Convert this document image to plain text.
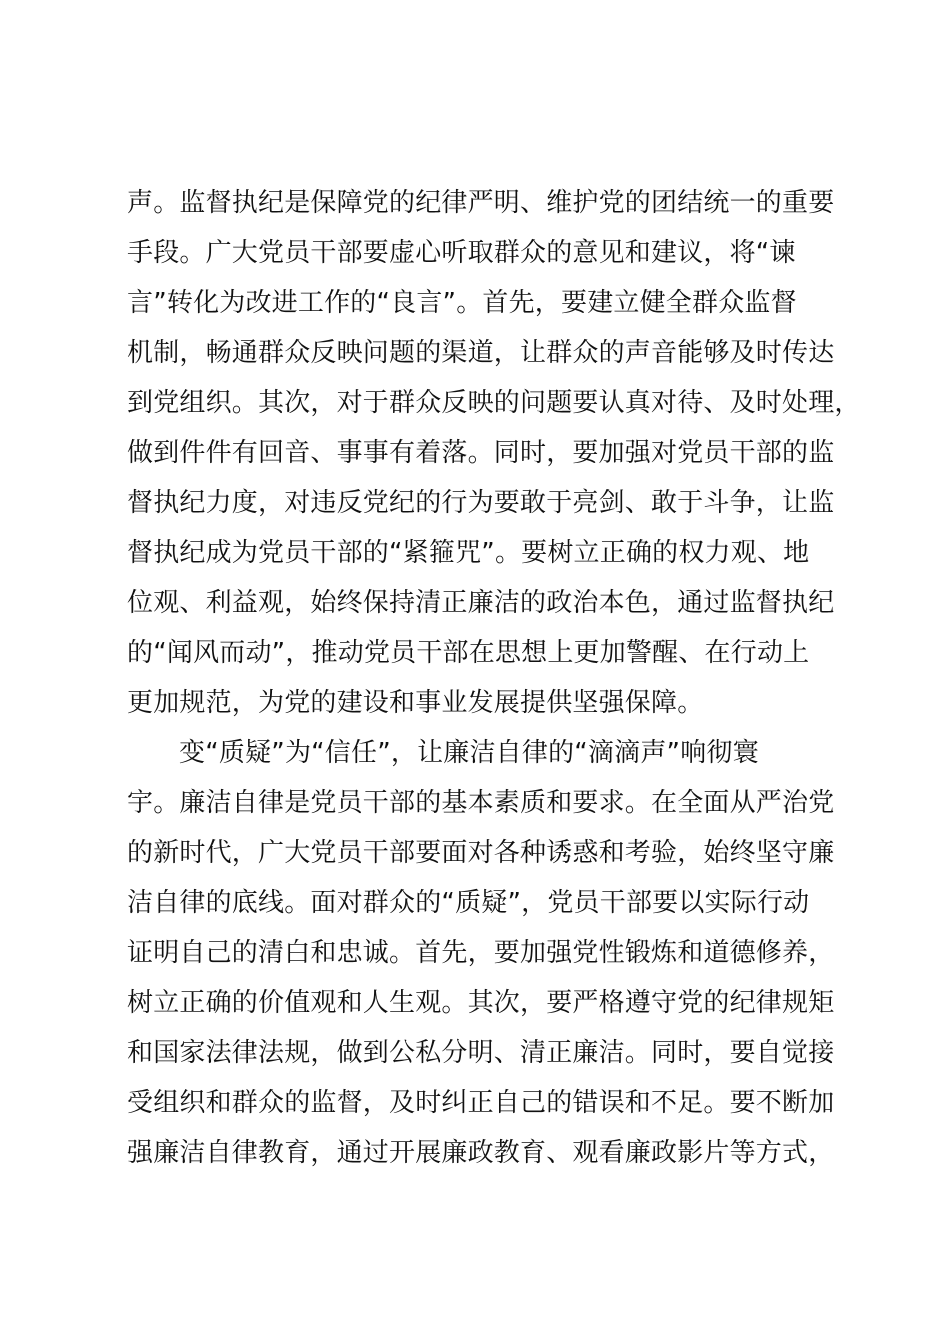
声。监督执纪是保障党的纪律严明、维护党的团结统一的重要
手段。广大党员干部要虚心听取群众的意见和建议，将“谏
言”转化为改进工作的“良言”。首先，要建立健全群众监督
机制，畅通群众反映问题的渠道，让群众的声音能够及时传达
到党组织。其次，对于群众反映的问题要认真对待、及时处理，
做到件件有回音、事事有着落。同时，要加强对党员干部的监
督执纪力度，对违反党纪的行为要敢于亮剑、敢于斗争，让监
督执纪成为党员干部的“紧箍咒”。要树立正确的权力观、地
位观、利益观，始终保持清正廉洁的政治本色，通过监督执纪
的“闻风而动”，推动党员干部在思想上更加警醒、在行动上
更加规范，为党的建设和事业发展提供坚强保障。
变“质疑”为“信任”，让廉洁自律的“滴滴声”响彻寰
宇。廉洁自律是党员干部的基本素质和要求。在全面从严治党
的新时代，广大党员干部要面对各种诱惑和考验，始终坚守廉
洁自律的底线。面对群众的“质疑”，党员干部要以实际行动
证明自己的清白和忠诚。首先，要加强党性锻炼和道德修养，
树立正确的价值观和人生观。其次，要严格遵守党的纪律规矩
和国家法律法规，做到公私分明、清正廉洁。同时，要自觉接
受组织和群众的监督，及时纠正自己的错误和不足。要不断加
强廉洁自律教育，通过开展廉政教育、观看廉政影片等方式，
